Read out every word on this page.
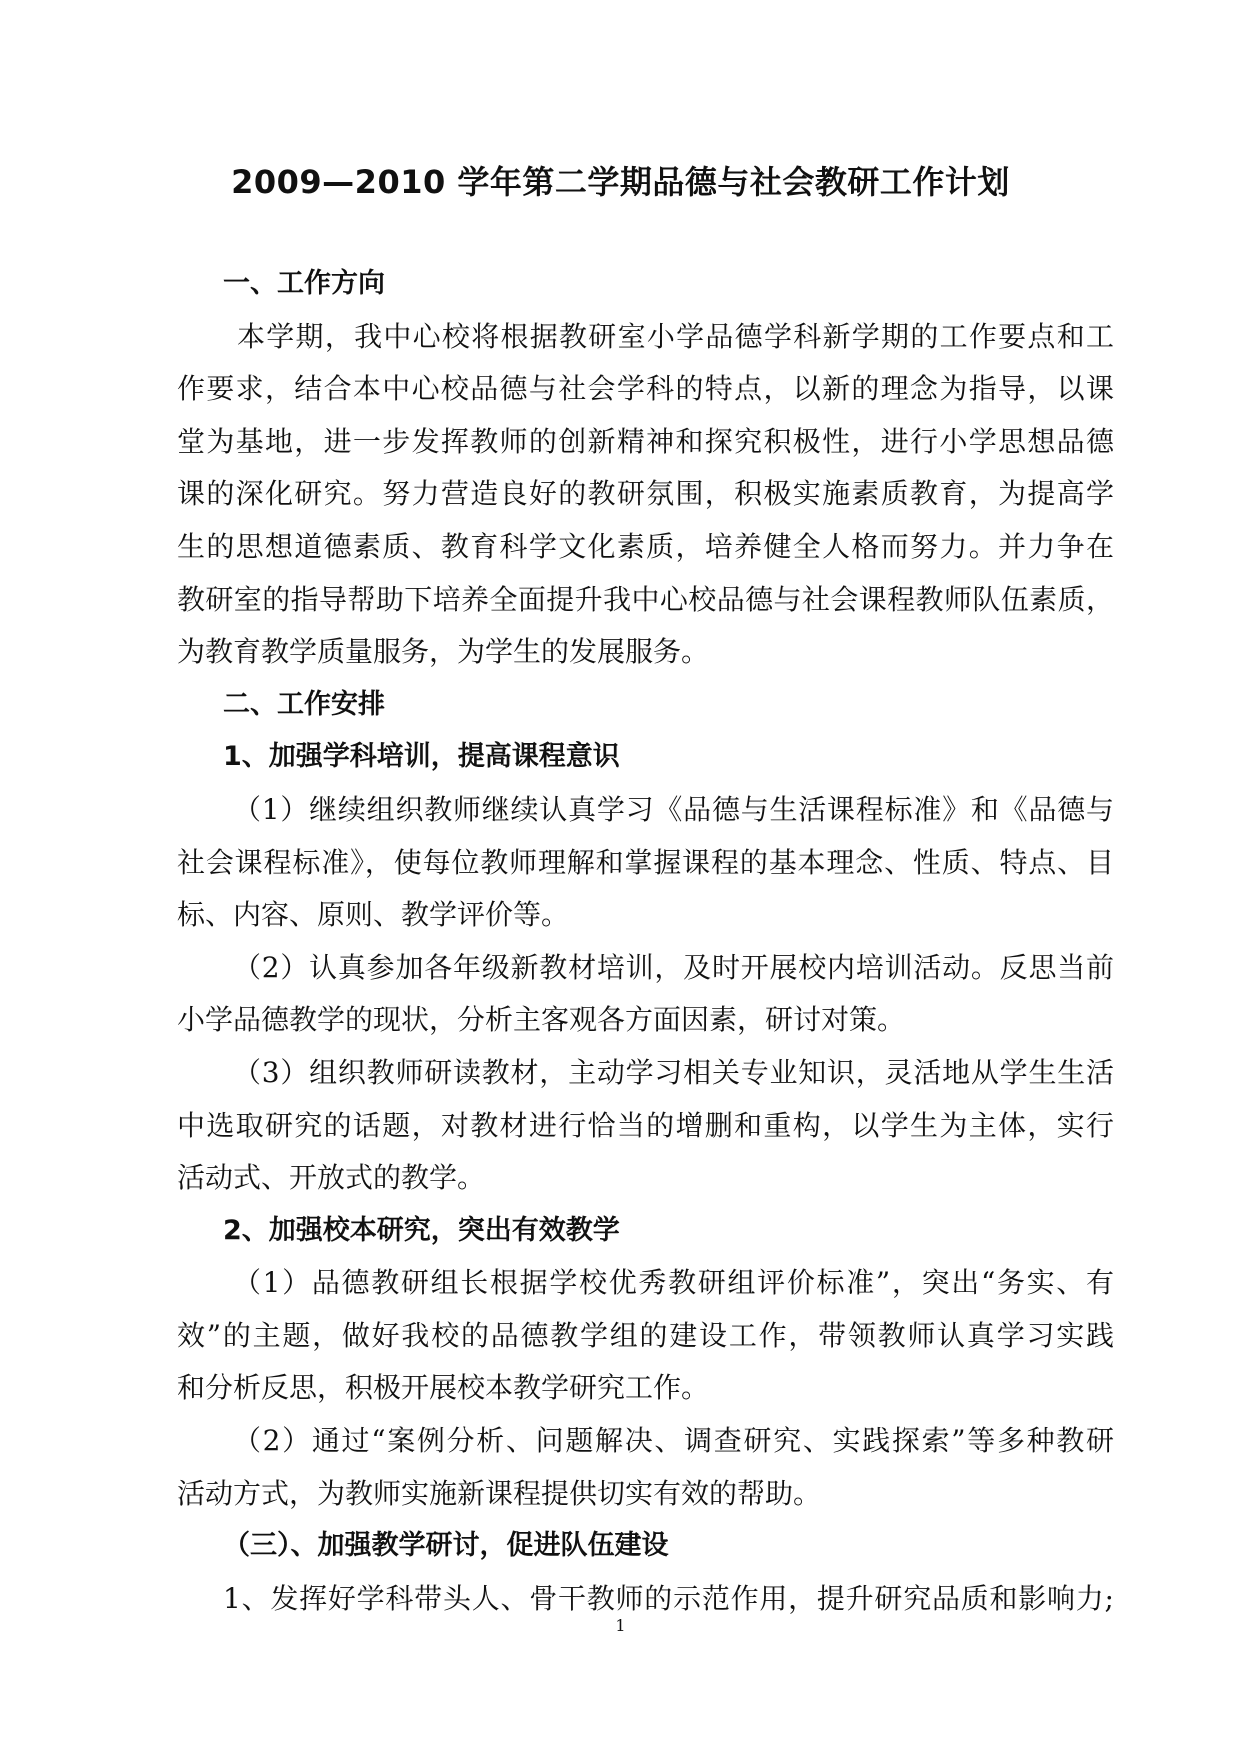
2009—2010 学年第二学期品德与社会教研工作计划
一、工作方向
本学期，我中心校将根据教研室小学品德学科新学期的工作要点和工
作要求，结合本中心校品德与社会学科的特点，以新的理念为指导，以课
堂为基地，进一步发挥教师的创新精神和探究积极性，进行小学思想品德
课的深化研究。努力营造良好的教研氛围，积极实施素质教育，为提高学
生的思想道德素质、教育科学文化素质，培养健全人格而努力。并力争在
教研室的指导帮助下培养全面提升我中心校品德与社会课程教师队伍素质，
为教育教学质量服务，为学生的发展服务。
二、工作安排
1、加强学科培训，提高课程意识
（1）继续组织教师继续认真学习《品德与生活课程标准》和《品德与
社会课程标准》，使每位教师理解和掌握课程的基本理念、性质、特点、目
标、内容、原则、教学评价等。
（2）认真参加各年级新教材培训，及时开展校内培训活动。反思当前
小学品德教学的现状，分析主客观各方面因素，研讨对策。
（3）组织教师研读教材，主动学习相关专业知识，灵活地从学生生活
中选取研究的话题，对教材进行恰当的增删和重构，以学生为主体，实行
活动式、开放式的教学。
2、加强校本研究，突出有效教学
（1）品德教研组长根据学校优秀教研组评价标准”，突出“务实、有
效”的主题，做好我校的品德教学组的建设工作，带领教师认真学习实践
和分析反思，积极开展校本教学研究工作。
（2）通过“案例分析、问题解决、调查研究、实践探索”等多种教研
活动方式，为教师实施新课程提供切实有效的帮助。
（三）、加强教学研讨，促进队伍建设
1、发挥好学科带头人、骨干教师的示范作用，提升研究品质和影响力;
1
